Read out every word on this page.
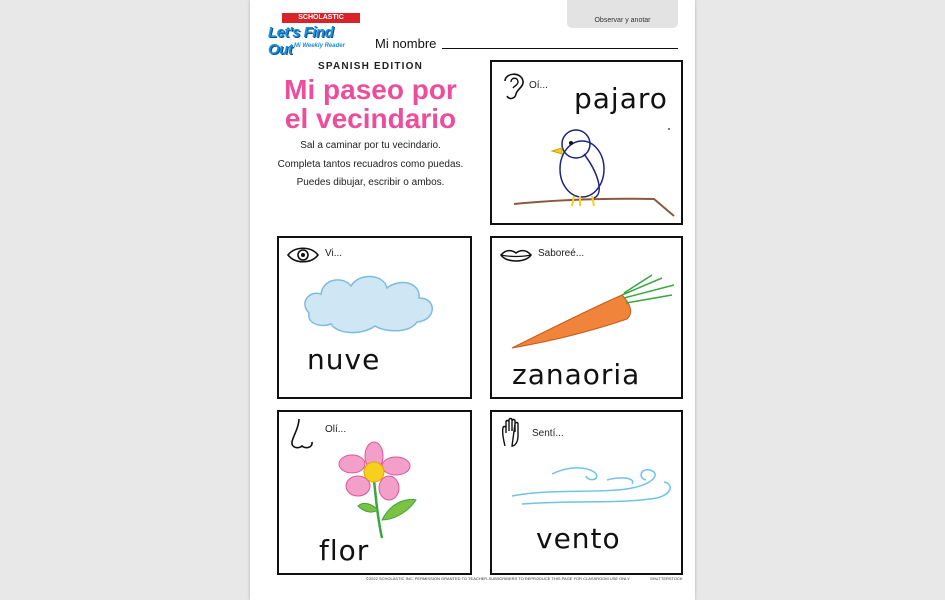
Observar y anotar
SCHOLASTIC
Let's Find Out Mi Weekly Reader Mi nombre
SPANISH EDITION
Mi paseo por
el vecindario
Sal a caminar por tu vecindario.
Completa tantos recuadros como puedas.
Puedes dibujar, escribir o ambos.
Oí... pajaro
Vi...
nuve
Saboreé...
zanaoria
Olí...
flor
Sentí...
vento
©2022 SCHOLASTIC INC. PERMISSION GRANTED TO TEACHER-SUBSCRIBERS TO REPRODUCE THIS PAGE FOR CLASSROOM USE ONLY.	SHUTTERSTOCK
